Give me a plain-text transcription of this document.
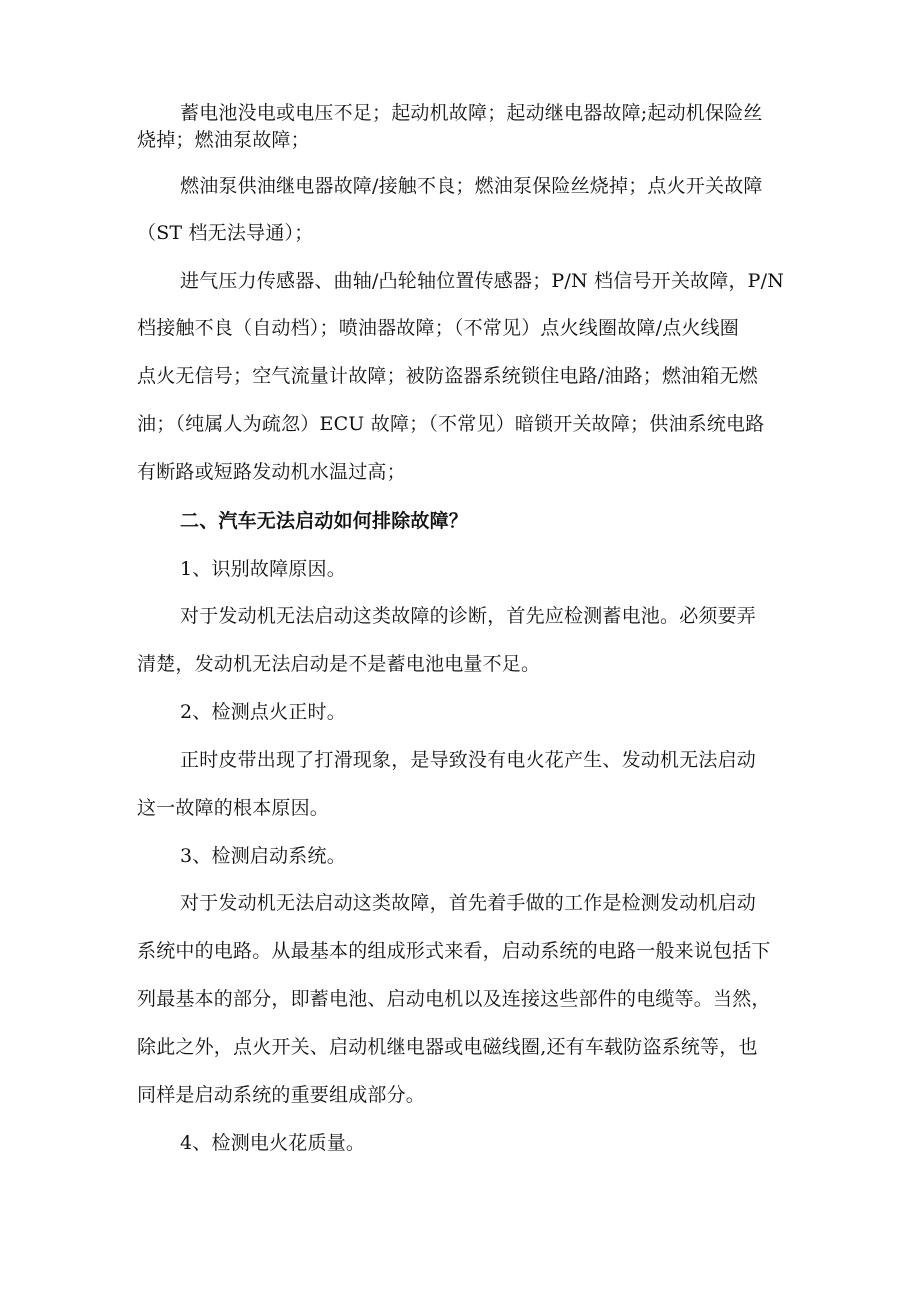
蓄电池没电或电压不足；起动机故障；起动继电器故障;起动机保险丝
烧掉；燃油泵故障；
燃油泵供油继电器故障/接触不良；燃油泵保险丝烧掉；点火开关故障
（ST 档无法导通）；
进气压力传感器、曲轴/凸轮轴位置传感器；P/N 档信号开关故障，P/N
档接触不良（自动档）；喷油器故障；（不常见）点火线圈故障/点火线圈
点火无信号；空气流量计故障；被防盗器系统锁住电路/油路；燃油箱无燃
油；（纯属人为疏忽）ECU 故障；（不常见）暗锁开关故障；供油系统电路
有断路或短路发动机水温过高；
二、汽车无法启动如何排除故障？
1、识别故障原因。
对于发动机无法启动这类故障的诊断，首先应检测蓄电池。必须要弄
清楚，发动机无法启动是不是蓄电池电量不足。
2、检测点火正时。
正时皮带出现了打滑现象，是导致没有电火花产生、发动机无法启动
这一故障的根本原因。
3、检测启动系统。
对于发动机无法启动这类故障，首先着手做的工作是检测发动机启动
系统中的电路。从最基本的组成形式来看，启动系统的电路一般来说包括下
列最基本的部分，即蓄电池、启动电机以及连接这些部件的电缆等。当然，
除此之外，点火开关、启动机继电器或电磁线圈,还有车载防盗系统等，也
同样是启动系统的重要组成部分。
4、检测电火花质量。
